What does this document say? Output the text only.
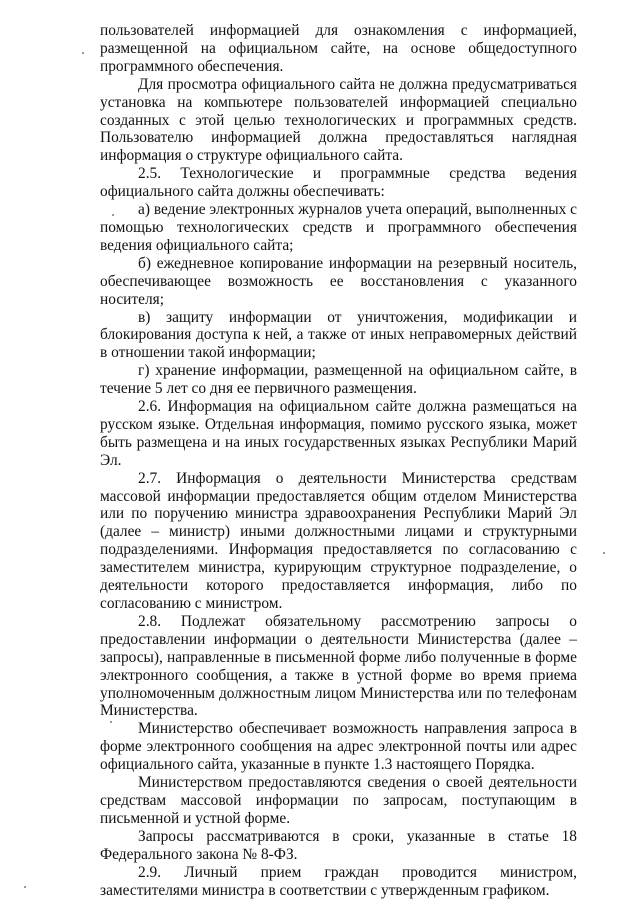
пользователей информацией для ознакомления с информацией, размещенной на официальном сайте, на основе общедоступного программного обеспечения.

Для просмотра официального сайта не должна предусматриваться установка на компьютере пользователей информацией специально созданных с этой целью технологических и программных средств. Пользователю информацией должна предоставляться наглядная информация о структуре официального сайта.

2.5. Технологические и программные средства ведения официального сайта должны обеспечивать:

а) ведение электронных журналов учета операций, выполненных с помощью технологических средств и программного обеспечения ведения официального сайта;

б) ежедневное копирование информации на резервный носитель, обеспечивающее возможность ее восстановления с указанного носителя;

в) защиту информации от уничтожения, модификации и блокирования доступа к ней, а также от иных неправомерных действий в отношении такой информации;

г) хранение информации, размещенной на официальном сайте, в течение 5 лет со дня ее первичного размещения.

2.6. Информация на официальном сайте должна размещаться на русском языке. Отдельная информация, помимо русского языка, может быть размещена и на иных государственных языках Республики Марий Эл.

2.7. Информация о деятельности Министерства средствам массовой информации предоставляется общим отделом Министерства или по поручению министра здравоохранения Республики Марий Эл (далее – министр) иными должностными лицами и структурными подразделениями. Информация предоставляется по согласованию с заместителем министра, курирующим структурное подразделение, о деятельности которого предоставляется информация, либо по согласованию с министром.

2.8. Подлежат обязательному рассмотрению запросы о предоставлении информации о деятельности Министерства (далее – запросы), направленные в письменной форме либо полученные в форме электронного сообщения, а также в устной форме во время приема уполномоченным должностным лицом Министерства или по телефонам Министерства.

Министерство обеспечивает возможность направления запроса в форме электронного сообщения на адрес электронной почты или адрес официального сайта, указанные в пункте 1.3 настоящего Порядка.

Министерством предоставляются сведения о своей деятельности средствам массовой информации по запросам, поступающим в письменной и устной форме.

Запросы рассматриваются в сроки, указанные в статье 18 Федерального закона № 8-ФЗ.

2.9. Личный прием граждан проводится министром, заместителями министра в соответствии с утвержденным графиком.
